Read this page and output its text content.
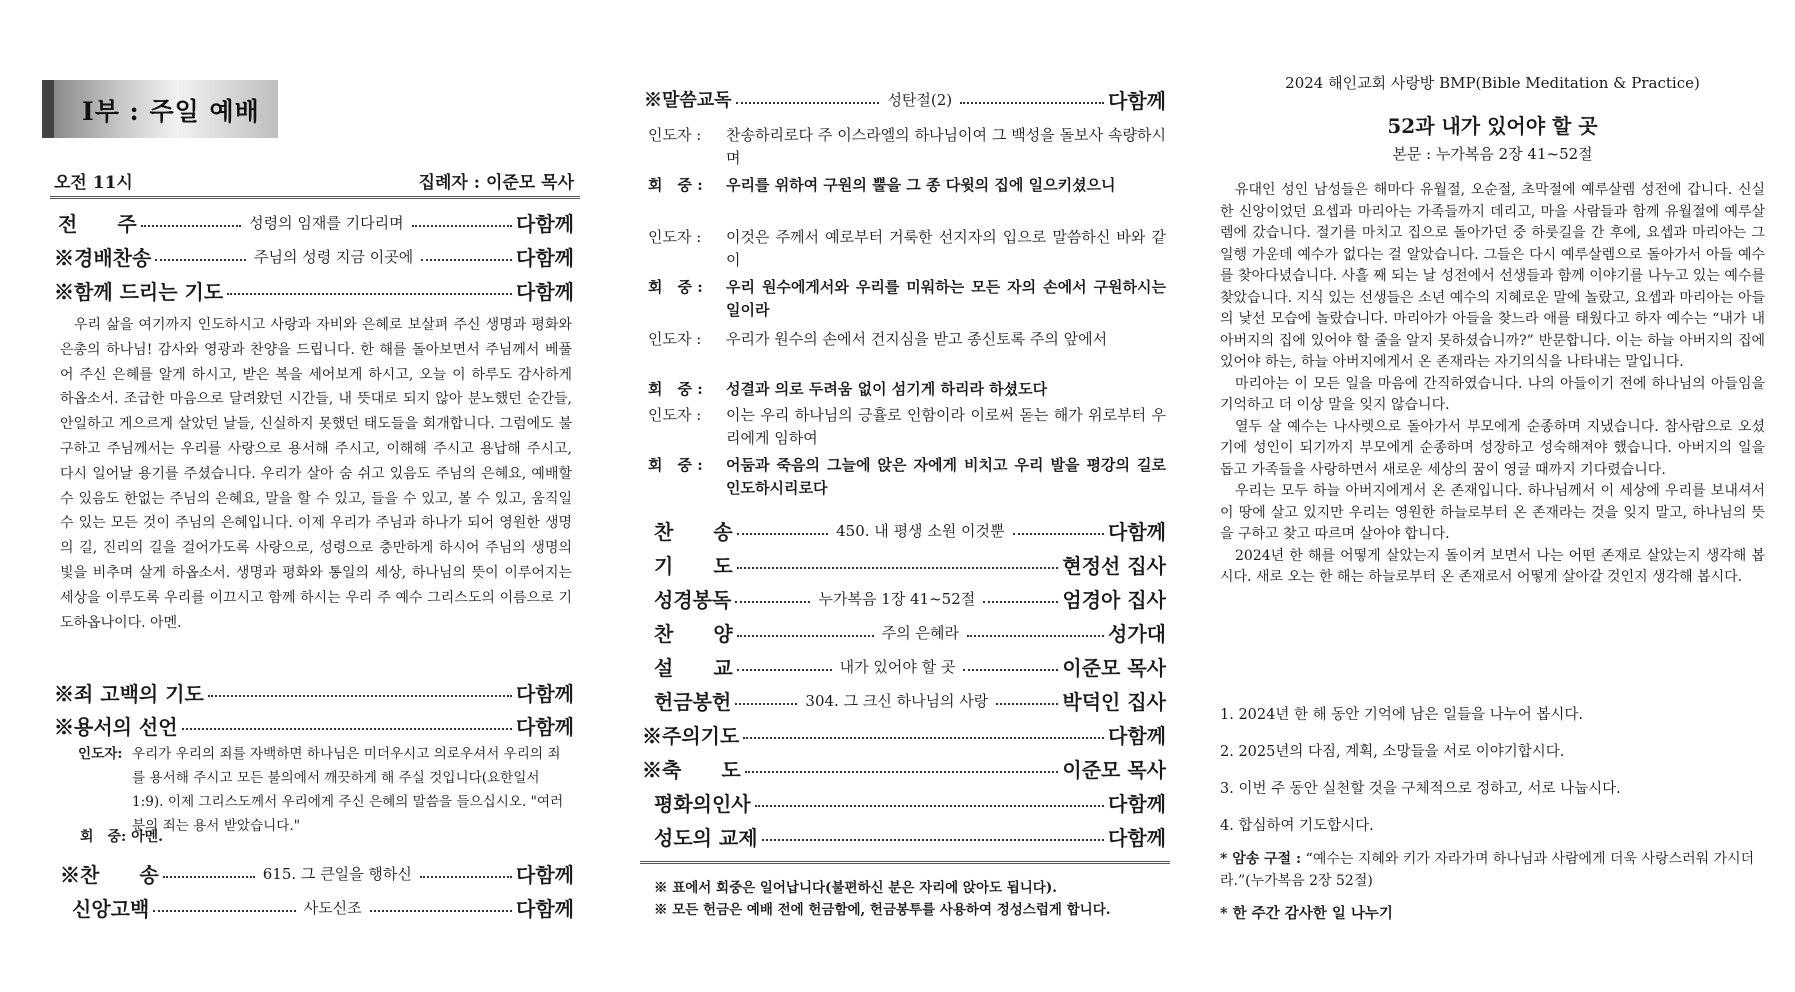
I부 : 주일 예배
오전 11시	집례자 : 이준모 목사
전　　주	성령의 임재를 기다리며	다함께
※경배찬송	주님의 성령 지금 이곳에	다함께
※함께 드리는 기도	다함께
우리 삶을 여기까지 인도하시고 사랑과 자비와 은혜로 보살펴 주신 생명과 평화와 은총의 하나님! 감사와 영광과 찬양을 드립니다. 한 해를 돌아보면서 주님께서 베풀어 주신 은혜를 알게 하시고, 받은 복을 세어보게 하시고, 오늘 이 하루도 감사하게 하옵소서. 조급한 마음으로 달려왔던 시간들, 내 뜻대로 되지 않아 분노했던 순간들, 안일하고 게으르게 살았던 날들, 신실하지 못했던 태도들을 회개합니다. 그럼에도 불구하고 주님께서는 우리를 사랑으로 용서해 주시고, 이해해 주시고 용납해 주시고, 다시 일어날 용기를 주셨습니다. 우리가 살아 숨 쉬고 있음도 주님의 은혜요, 예배할 수 있음도 한없는 주님의 은혜요, 말을 할 수 있고, 들을 수 있고, 볼 수 있고, 움직일 수 있는 모든 것이 주님의 은혜입니다. 이제 우리가 주님과 하나가 되어 영원한 생명의 길, 진리의 길을 걸어가도록 사랑으로, 성령으로 충만하게 하시어 주님의 생명의 빛을 비추며 살게 하옵소서. 생명과 평화와 통일의 세상, 하나님의 뜻이 이루어지는 세상을 이루도록 우리를 이끄시고 함께 하시는 우리 주 예수 그리스도의 이름으로 기도하옵나이다. 아멘.
※죄 고백의 기도	다함께
※용서의 선언	다함께
인도자: 우리가 우리의 죄를 자백하면 하나님은 미더우시고 의로우셔서 우리의 죄를 용서해 주시고 모든 불의에서 깨끗하게 해 주실 것입니다(요한일서 1:9). 이제 그리스도께서 우리에게 주신 은혜의 말씀을 들으십시오. "여러분의 죄는 용서 받았습니다."
회　중: 아멘.
※찬　　송	615. 그 큰일을 행하신	다함께
신앙고백	사도신조	다함께
※말씀교독	성탄절(2)	다함께
인도자 :	찬송하리로다 주 이스라엘의 하나님이여 그 백성을 돌보사 속량하시며
회　중 :	우리를 위하여 구원의 뿔을 그 종 다윗의 집에 일으키셨으니
인도자 :	이것은 주께서 예로부터 거룩한 선지자의 입으로 말씀하신 바와 같이
회　중 :	우리 원수에게서와 우리를 미워하는 모든 자의 손에서 구원하시는 일이라
인도자 :	우리가 원수의 손에서 건지심을 받고 종신토록 주의 앞에서
회　중 :	성결과 의로 두려움 없이 섬기게 하리라 하셨도다
인도자 :	이는 우리 하나님의 긍휼로 인함이라 이로써 돋는 해가 위로부터 우리에게 임하여
회　중 :	어둠과 죽음의 그늘에 앉은 자에게 비치고 우리 발을 평강의 길로 인도하시리로다
찬　　송	450. 내 평생 소원 이것뿐	다함께
기　　도	현정선 집사
성경봉독	누가복음 1장 41~52절	엄경아 집사
찬　　양	주의 은혜라	성가대
설　　교	내가 있어야 할 곳	이준모 목사
헌금봉헌	304. 그 크신 하나님의 사랑	박덕인 집사
※주의기도	다함께
※축　　도	이준모 목사
평화의인사	다함께
성도의 교제	다함께
※ 표에서 회중은 일어납니다(불편하신 분은 자리에 앉아도 됩니다).
※ 모든 헌금은 예배 전에 헌금함에, 헌금봉투를 사용하여 정성스럽게 합니다.
2024 해인교회 사랑방 BMP(Bible Meditation & Practice)
52과 내가 있어야 할 곳
본문 : 누가복음 2장 41~52절

유대인 성인 남성들은 해마다 유월절, 오순절, 초막절에 예루살렘 성전에 갑니다. 신실한 신앙이었던 요셉과 마리아는 가족들까지 데리고, 마을 사람들과 함께 유월절에 예루살렘에 갔습니다. 절기를 마치고 집으로 돌아가던 중 하룻길을 간 후에, 요셉과 마리아는 그 일행 가운데 예수가 없다는 걸 알았습니다. 그들은 다시 예루살렘으로 돌아가서 아들 예수를 찾아다녔습니다. 사흘 째 되는 날 성전에서 선생들과 함께 이야기를 나누고 있는 예수를 찾았습니다. 지식 있는 선생들은 소년 예수의 지혜로운 말에 놀랐고, 요셉과 마리아는 아들의 낯선 모습에 놀랐습니다. 마리아가 아들을 찾느라 애를 태웠다고 하자 예수는 “내가 내 아버지의 집에 있어야 할 줄을 알지 못하셨습니까?” 반문합니다. 이는 하늘 아버지의 집에 있어야 하는, 하늘 아버지에게서 온 존재라는 자기의식을 나타내는 말입니다.

마리아는 이 모든 일을 마음에 간직하였습니다. 나의 아들이기 전에 하나님의 아들임을 기억하고 더 이상 말을 잊지 않습니다.

열두 살 예수는 나사렛으로 돌아가서 부모에게 순종하며 지냈습니다. 참사람으로 오셨기에 성인이 되기까지 부모에게 순종하며 성장하고 성숙해져야 했습니다. 아버지의 일을 돕고 가족들을 사랑하면서 새로운 세상의 꿈이 영글 때까지 기다렸습니다.

우리는 모두 하늘 아버지에게서 온 존재입니다. 하나님께서 이 세상에 우리를 보내셔서 이 땅에 살고 있지만 우리는 영원한 하늘로부터 온 존재라는 것을 잊지 말고, 하나님의 뜻을 구하고 찾고 따르며 살아야 합니다.

2024년 한 해를 어떻게 살았는지 돌이켜 보면서 나는 어떤 존재로 살았는지 생각해 봅시다. 새로 오는 한 해는 하늘로부터 온 존재로서 어떻게 살아갈 것인지 생각해 봅시다.

1. 2024년 한 해 동안 기억에 남은 일들을 나누어 봅시다.
2. 2025년의 다짐, 계획, 소망들을 서로 이야기합시다.
3. 이번 주 동안 실천할 것을 구체적으로 정하고, 서로 나눕시다.
4. 합심하여 기도합시다.
* 암송 구절 : “예수는 지혜와 키가 자라가며 하나님과 사람에게 더욱 사랑스러워 가시더라.”(누가복음 2장 52절)
* 한 주간 감사한 일 나누기
